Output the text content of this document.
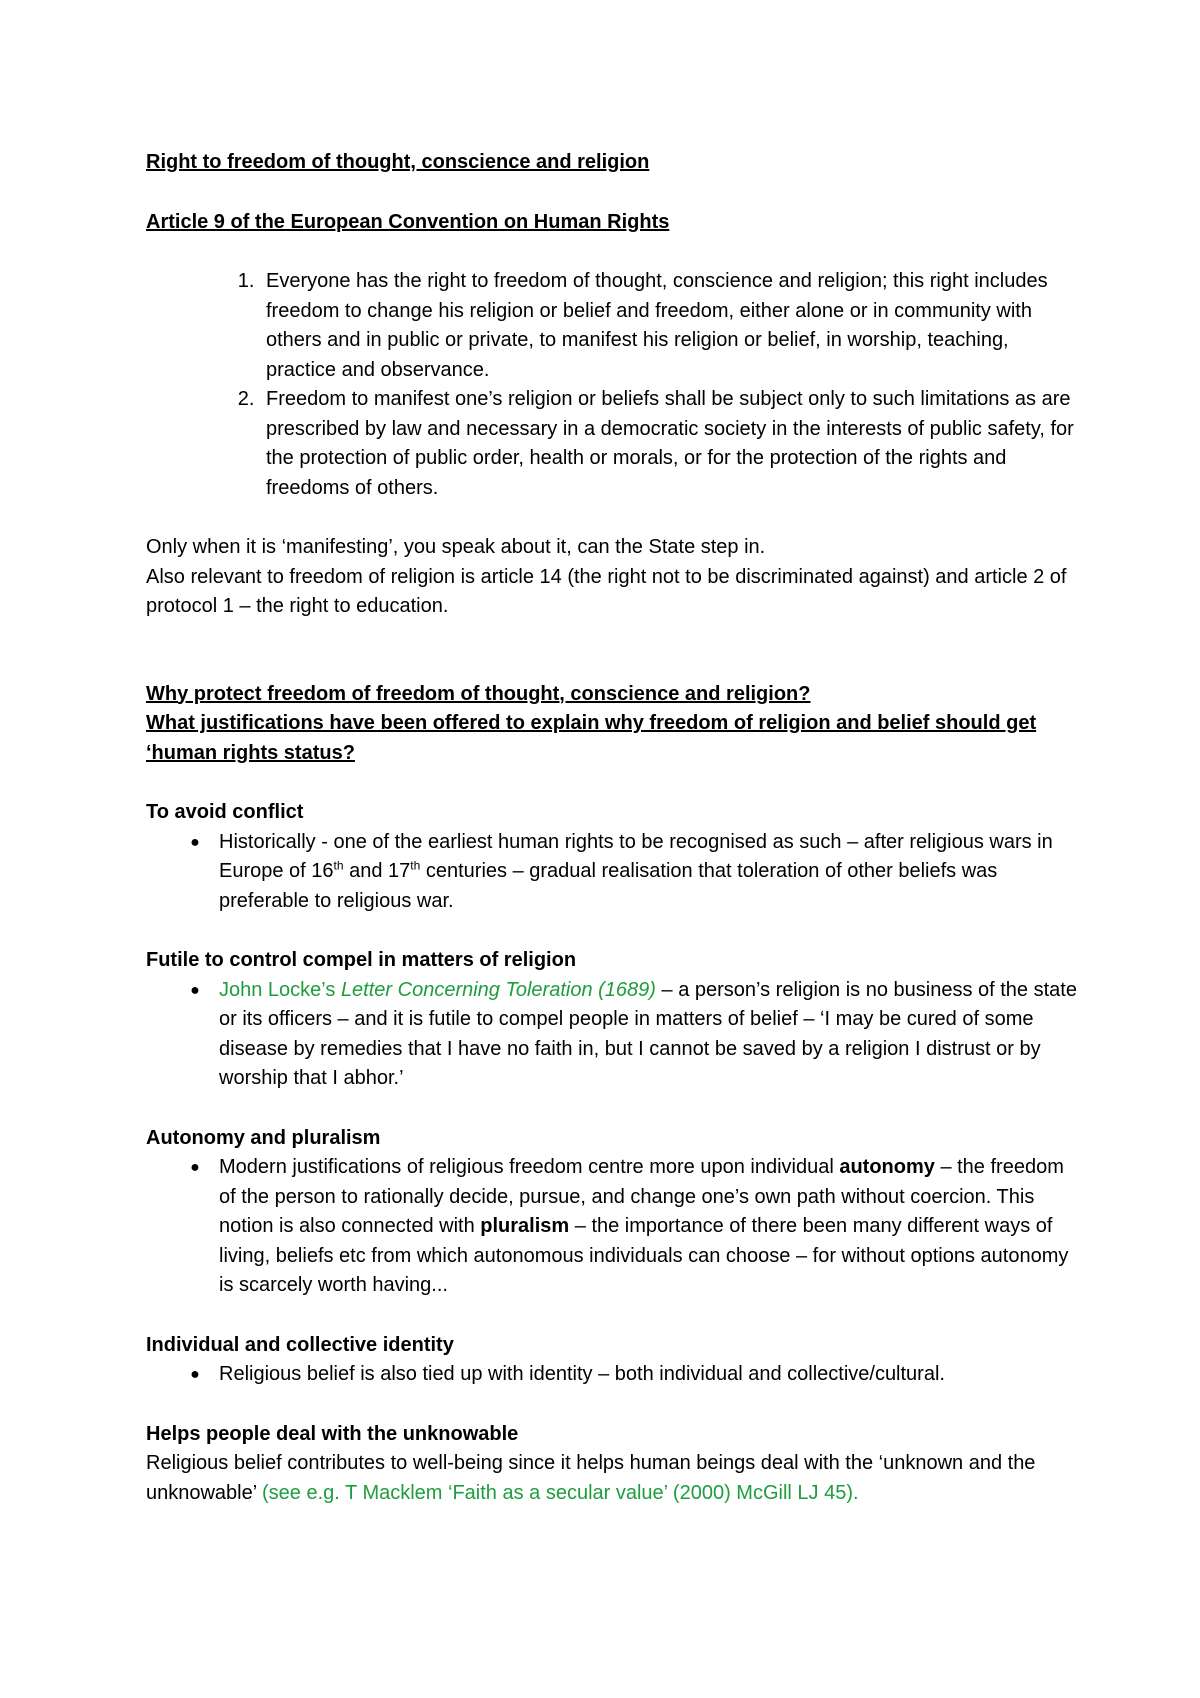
Right to freedom of thought, conscience and religion

Article 9 of the European Convention on Human Rights

1. Everyone has the right to freedom of thought, conscience and religion; this right includes freedom to change his religion or belief and freedom, either alone or in community with others and in public or private, to manifest his religion or belief, in worship, teaching, practice and observance.
2. Freedom to manifest one’s religion or beliefs shall be subject only to such limitations as are prescribed by law and necessary in a democratic society in the interests of public safety, for the protection of public order, health or morals, or for the protection of the rights and freedoms of others.

Only when it is ‘manifesting’, you speak about it, can the State step in.

Also relevant to freedom of religion is article 14 (the right not to be discriminated against) and article 2 of protocol 1 – the right to education.

Why protect freedom of freedom of thought, conscience and religion?

What justifications have been offered to explain why freedom of religion and belief should get ‘human rights status?

To avoid conflict

● Historically - one of the earliest human rights to be recognised as such – after religious wars in Europe of 16th and 17th centuries – gradual realisation that toleration of other beliefs was preferable to religious war.

Futile to control compel in matters of religion

● John Locke’s Letter Concerning Toleration (1689) – a person’s religion is no business of the state or its officers – and it is futile to compel people in matters of belief – ‘I may be cured of some disease by remedies that I have no faith in, but I cannot be saved by a religion I distrust or by worship that I abhor.’

Autonomy and pluralism

● Modern justifications of religious freedom centre more upon individual autonomy – the freedom of the person to rationally decide, pursue, and change one’s own path without coercion. This notion is also connected with pluralism – the importance of there been many different ways of living, beliefs etc from which autonomous individuals can choose – for without options autonomy is scarcely worth having...

Individual and collective identity

● Religious belief is also tied up with identity – both individual and collective/cultural.

Helps people deal with the unknowable

Religious belief contributes to well-being since it helps human beings deal with the ‘unknown and the unknowable’ (see e.g. T Macklem ‘Faith as a secular value’ (2000) McGill LJ 45).
